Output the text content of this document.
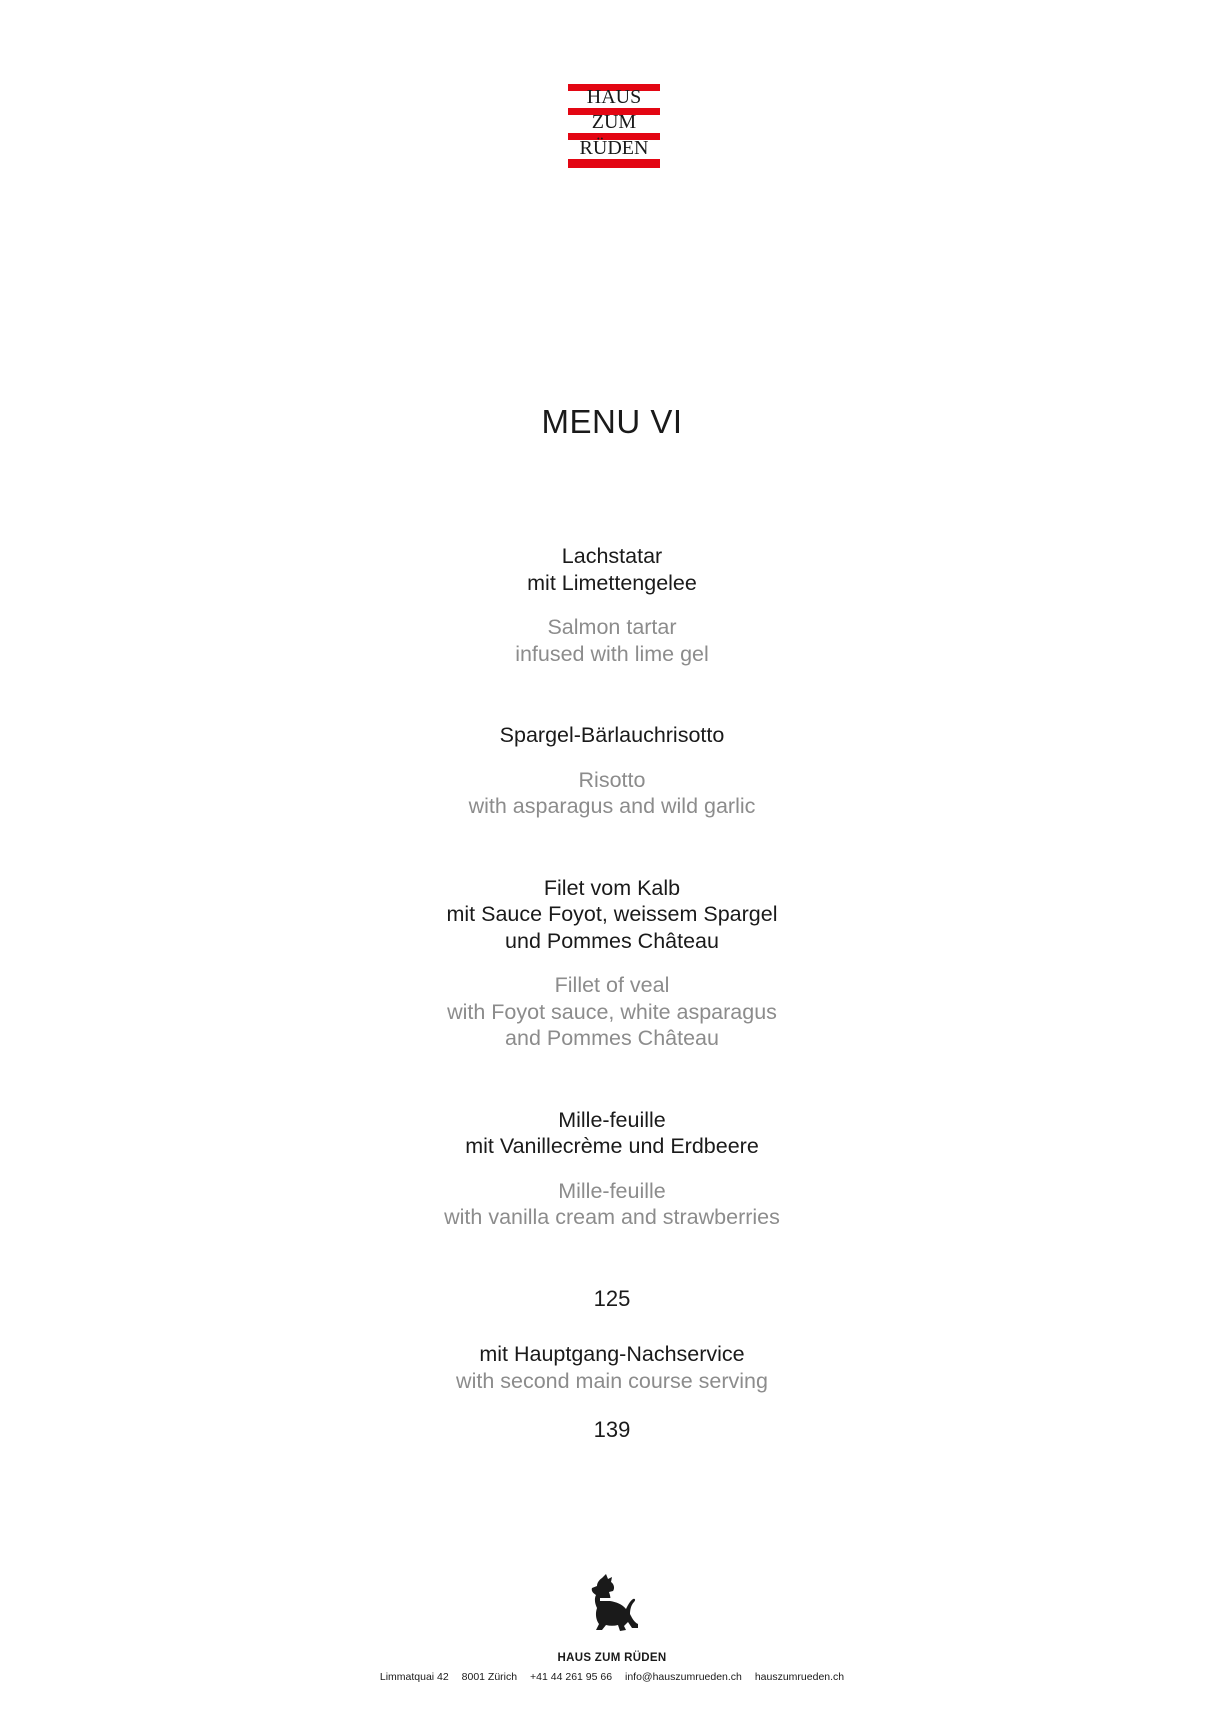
HAUS
ZUM
RÜDEN
MENU VI
Lachstatar
mit Limettengelee
Salmon tartar
infused with lime gel
Spargel-Bärlauchrisotto
Risotto
with asparagus and wild garlic
Filet vom Kalb
mit Sauce Foyot, weissem Spargel
und Pommes Château
Fillet of veal
with Foyot sauce, white asparagus
and Pommes Château
Mille-feuille
mit Vanillecrème und Erdbeere
Mille-feuille
with vanilla cream and strawberries
125
mit Hauptgang-Nachservice
with second main course serving
139
HAUS ZUM RÜDEN
Limmatquai 42 8001 Zürich +41 44 261 95 66 info@hauszumrueden.ch hauszumrueden.ch
